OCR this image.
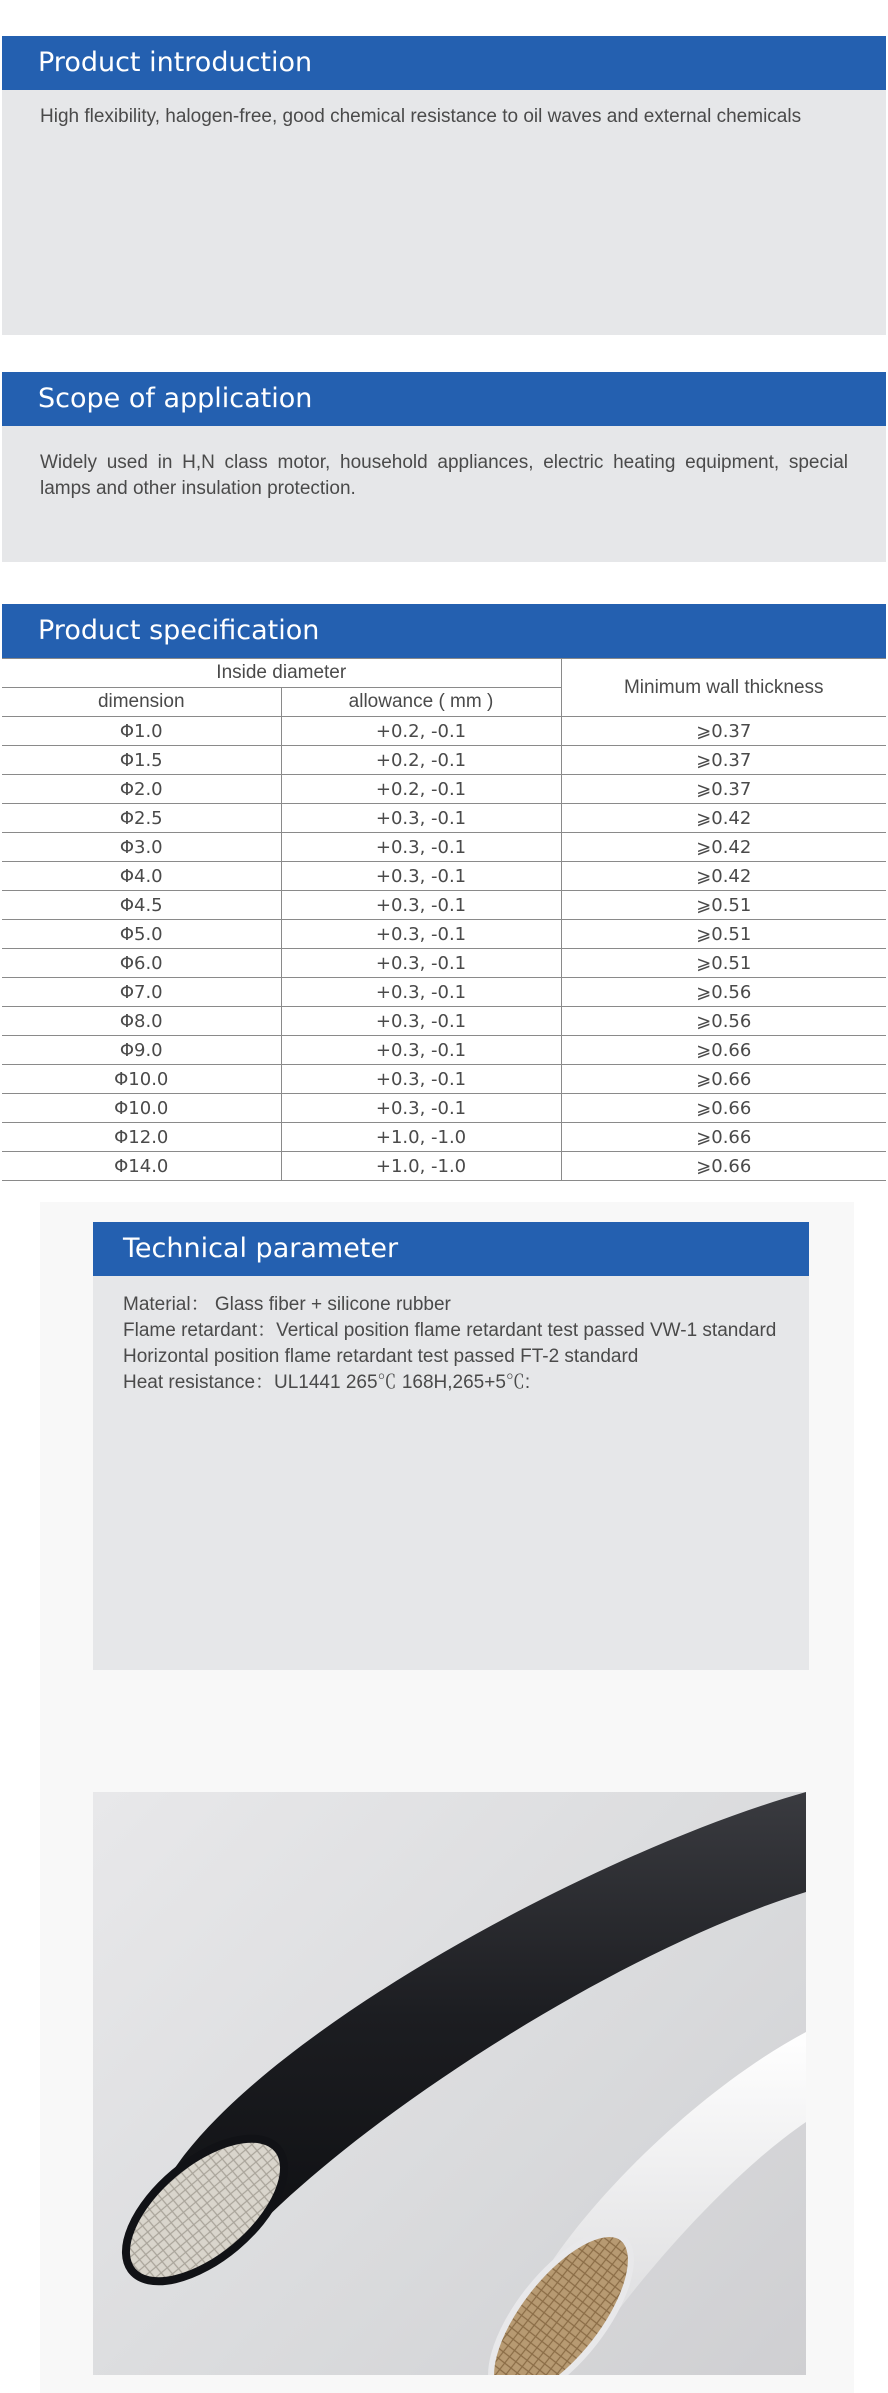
Product introduction
High flexibility, halogen-free, good chemical resistance to oil waves and external chemicals
Scope of application
Widely used in H,N class motor, household appliances, electric heating equipment, special lamps and other insulation protection.
Product specification
Inside diameter		Minimum wall thickness
dimension	allowance ( mm )	
Φ1.0	+0.2, -0.1	⩾0.37
Φ1.5	+0.2, -0.1	⩾0.37
Φ2.0	+0.2, -0.1	⩾0.37
Φ2.5	+0.3, -0.1	⩾0.42
Φ3.0	+0.3, -0.1	⩾0.42
Φ4.0	+0.3, -0.1	⩾0.42
Φ4.5	+0.3, -0.1	⩾0.51
Φ5.0	+0.3, -0.1	⩾0.51
Φ6.0	+0.3, -0.1	⩾0.51
Φ7.0	+0.3, -0.1	⩾0.56
Φ8.0	+0.3, -0.1	⩾0.56
Φ9.0	+0.3, -0.1	⩾0.66
Φ10.0	+0.3, -0.1	⩾0.66
Φ10.0	+0.3, -0.1	⩾0.66
Φ12.0	+1.0, -1.0	⩾0.66
Φ14.0	+1.0, -1.0	⩾0.66
Technical parameter
Material： Glass fiber + silicone rubber
Flame retardant：Vertical position flame retardant test passed VW-1 standard
Horizontal position flame retardant test passed FT-2 standard
Heat resistance：UL1441 265℃ 168H,265+5℃:
